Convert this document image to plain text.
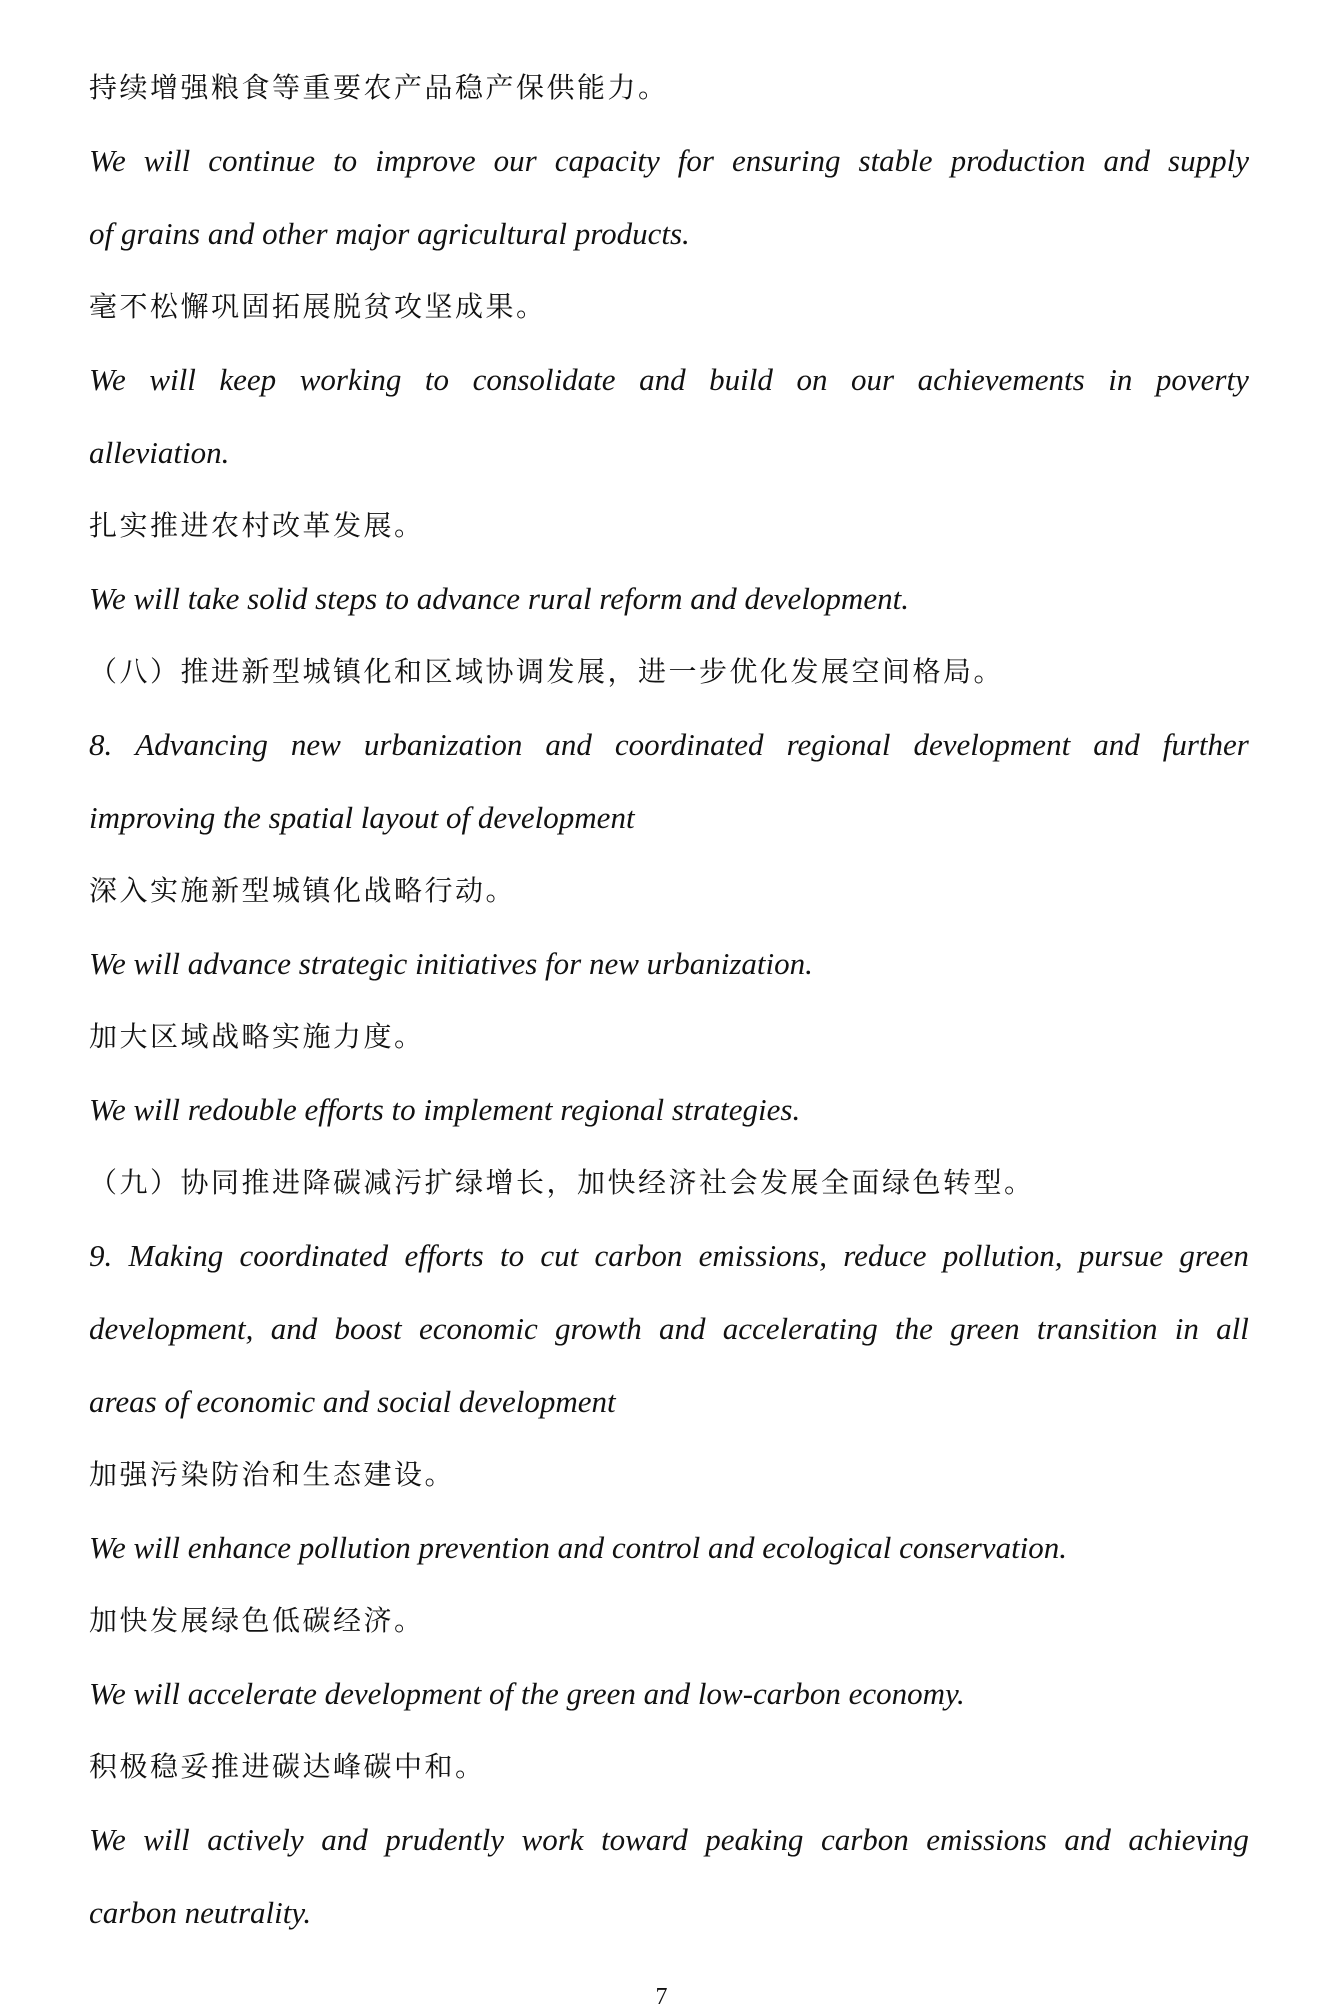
持续增强粮食等重要农产品稳产保供能力。
We will continue to improve our capacity for ensuring stable production and supply
of grains and other major agricultural products.
毫不松懈巩固拓展脱贫攻坚成果。
We will keep working to consolidate and build on our achievements in poverty
alleviation.
扎实推进农村改革发展。
We will take solid steps to advance rural reform and development.
（八）推进新型城镇化和区域协调发展，进一步优化发展空间格局。
8. Advancing new urbanization and coordinated regional development and further
improving the spatial layout of development
深入实施新型城镇化战略行动。
We will advance strategic initiatives for new urbanization.
加大区域战略实施力度。
We will redouble efforts to implement regional strategies.
（九）协同推进降碳减污扩绿增长，加快经济社会发展全面绿色转型。
9. Making coordinated efforts to cut carbon emissions, reduce pollution, pursue green
development, and boost economic growth and accelerating the green transition in all
areas of economic and social development
加强污染防治和生态建设。
We will enhance pollution prevention and control and ecological conservation.
加快发展绿色低碳经济。
We will accelerate development of the green and low-carbon economy.
积极稳妥推进碳达峰碳中和。
We will actively and prudently work toward peaking carbon emissions and achieving
carbon neutrality.
7
